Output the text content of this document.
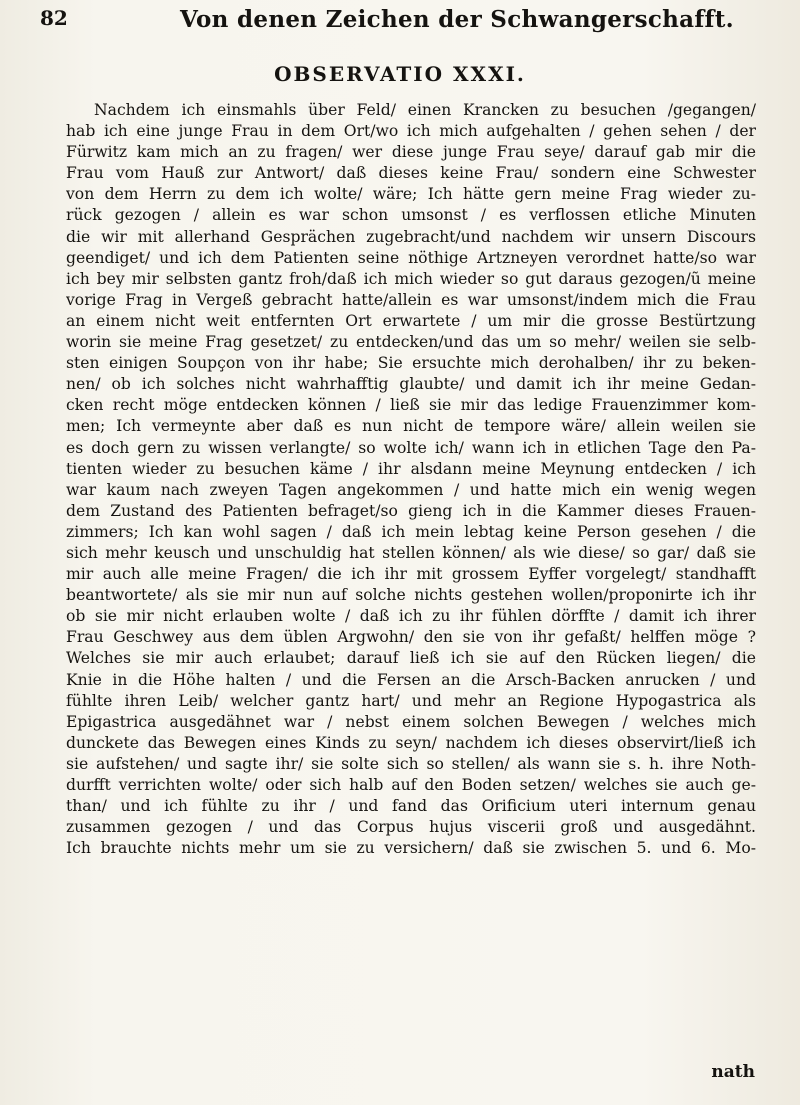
82	Von denen Zeichen der Schwangerschafft.
OBSERVATIO XXXI.
Nachdem ich einsmahls über Feld/ einen Krancken zu besuchen /gegangen/
hab ich eine junge Frau in dem Ort/wo ich mich aufgehalten / gehen sehen / der
Fürwitz kam mich an zu fragen/ wer diese junge Frau seye/ darauf gab mir die
Frau vom Hauß zur Antwort/ daß dieses keine Frau/ sondern eine Schwester
von dem Herrn zu dem ich wolte/ wäre; Ich hätte gern meine Frag wieder zu-
rück gezogen / allein es war schon umsonst / es verflossen etliche Minuten
die wir mit allerhand Gesprächen zugebracht/und nachdem wir unsern Discours
geendiget/ und ich dem Patienten seine nöthige Artzneyen verordnet hatte/so war
ich bey mir selbsten gantz froh/daß ich mich wieder so gut daraus gezogen/ũ meine
vorige Frag in Vergeß gebracht hatte/allein es war umsonst/indem mich die Frau
an einem nicht weit entfernten Ort erwartete / um mir die grosse Bestürtzung
worin sie meine Frag gesetzet/ zu entdecken/und das um so mehr/ weilen sie selb-
sten einigen Soupçon von ihr habe; Sie ersuchte mich derohalben/ ihr zu beken-
nen/ ob ich solches nicht wahrhafftig glaubte/ und damit ich ihr meine Gedan-
cken recht möge entdecken können / ließ sie mir das ledige Frauenzimmer kom-
men; Ich vermeynte aber daß es nun nicht de tempore wäre/ allein weilen sie
es doch gern zu wissen verlangte/ so wolte ich/ wann ich in etlichen Tage den Pa-
tienten wieder zu besuchen käme / ihr alsdann meine Meynung entdecken / ich
war kaum nach zweyen Tagen angekommen / und hatte mich ein wenig wegen
dem Zustand des Patienten befraget/so gieng ich in die Kammer dieses Frauen-
zimmers; Ich kan wohl sagen / daß ich mein lebtag keine Person gesehen / die
sich mehr keusch und unschuldig hat stellen können/ als wie diese/ so gar/ daß sie
mir auch alle meine Fragen/ die ich ihr mit grossem Eyffer vorgelegt/ standhafft
beantwortete/ als sie mir nun auf solche nichts gestehen wollen/proponirte ich ihr
ob sie mir nicht erlauben wolte / daß ich zu ihr fühlen dörffte / damit ich ihrer
Frau Geschwey aus dem üblen Argwohn/ den sie von ihr gefaßt/ helffen möge ?
Welches sie mir auch erlaubet; darauf ließ ich sie auf den Rücken liegen/ die
Knie in die Höhe halten / und die Fersen an die Arsch-Backen anrucken / und
fühlte ihren Leib/ welcher gantz hart/ und mehr an Regione Hypogastrica als
Epigastrica ausgedähnet war / nebst einem solchen Bewegen / welches mich
dunckete das Bewegen eines Kinds zu seyn/ nachdem ich dieses observirt/ließ ich
sie aufstehen/ und sagte ihr/ sie solte sich so stellen/ als wann sie s. h. ihre Noth-
durfft verrichten wolte/ oder sich halb auf den Boden setzen/ welches sie auch ge-
than/ und ich fühlte zu ihr / und fand das Orificium uteri internum genau
zusammen gezogen / und das Corpus hujus viscerii groß und ausgedähnt.
Ich brauchte nichts mehr um sie zu versichern/ daß sie zwischen 5. und 6. Mo-
nath
